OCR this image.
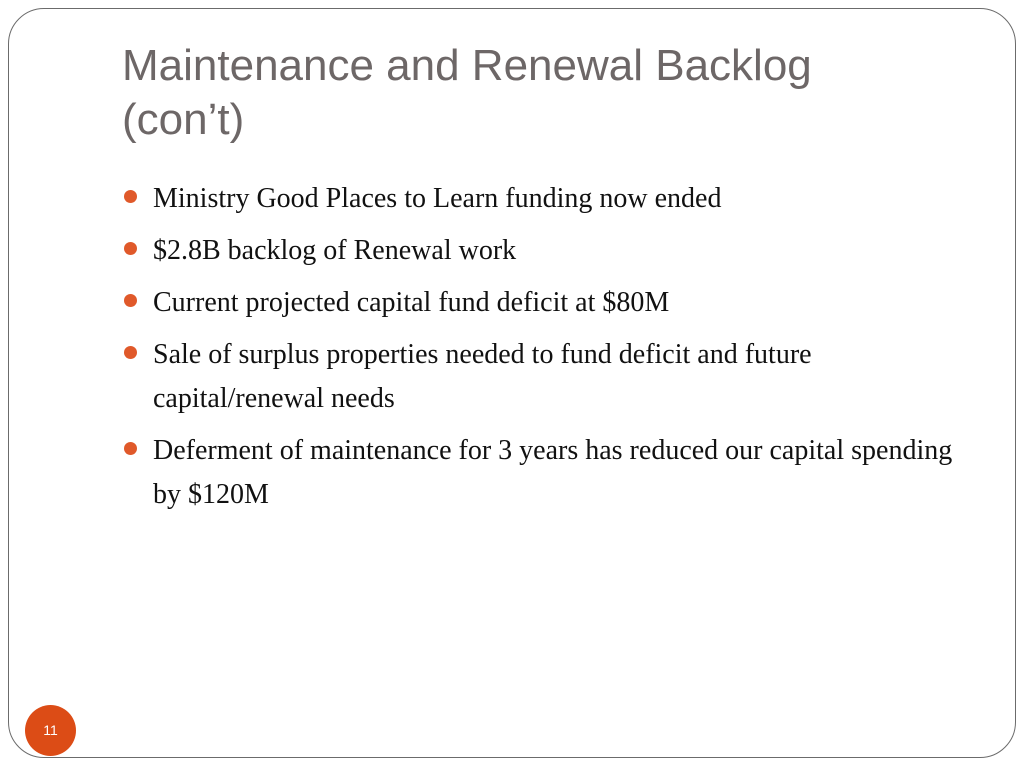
Maintenance and Renewal Backlog
(con’t)
Ministry Good Places to Learn funding now ended
$2.8B backlog of Renewal work
Current projected capital fund deficit at $80M
Sale of surplus properties needed to fund deficit and future capital/renewal needs
Deferment of maintenance for 3 years has reduced our capital spending by $120M
11
